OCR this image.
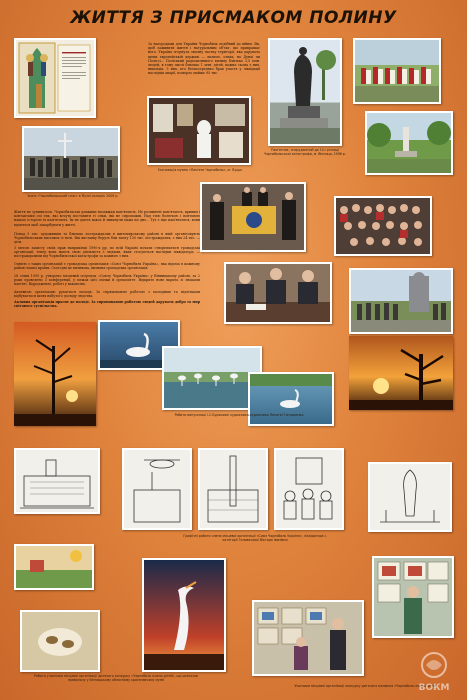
ЖИТТЯ З ПРИСМАКОМ ПОЛИНУ
Ікона «Чорнобильський спас» в Музеї-ньюсрік 2006 р.
Експозиція музею «Пам'яти Чорнобиль», м. Луцьк

За нагородами для України Чорнобиль подібний до війни. Як, щоб заживити життя і натуральним об'єкт, що прикрашає його. Україна згорнула значну частку території, яка дарувала щепи європейській державі — назвою, ознак, на Дунаї чи Поліссі... Поліський радіоактивного впливу близько 3,5 млн. людей, в тому числі близько 1 млн. дітей, кожна сьома з них, інвалідів. З них, хто безпосередньо брав участь у ліквідації наслідків аварії, померло майже 95 тис.

Пам'ятник, споруджений до 10-ї річниці Чорнобильської катастрофи, м. Вінниця, 1996 р.

Життя не зупинилось. Чорнобильські довжини назавжди пам'ятають. Не розпинені пам'ятають, кривим і контактами очі тих, які хочуть поставити ті очки, які не спроможні. Над тією болючою і понтовою нашою історією їх пам'ятають. Їм не дають вакса й зникнули мама на дно... Тут є іще пам'ятатися, вони вдаються щоб закарбувати у житті.

Понад 5 тис. художників та близько постраждалих в житомирському районі в якій організовують Чорнобильських виставок із ночі. Які виставку беруть бли змогу 130 тис. постраждалих, з них 24 тис. — діти.

З метою захисту своїх прав наприкінці 1990-х рр. по всій Україні почали створюватися громадські організації, тепер вона мають свою діяльність з людьми, яких стосуються наслідки ліквідатора, — постраждалими від Чорнобильської катастрофи за кожною з них.

Однією з таких організацій є громадська організація «Союз Чорнобиль Україна», яка відома в кожному районі нашої країни. Сьогодні це впливова, визнана громадська організація.

28 січня 1995 р. утворено місцевий осередок «Союзу Чорнобиль Україна» у Вінницькому районі, за 2 роки проведено 3 конференції, у межах цієї спілки й оргкомітет. Відкрито нове вкрита зі знаками пам'яті. Відродженні, роботі у вакансіях.

Активною організацію рухається молодь. За спрямованою роботою з молодими та підлітками відбувається шлях набутого досвіду людства.

Активна організація прагне до молоді. За спрямованою роботою людей дарувати добро та мир світового суспільства.

Роботи випускниці І.С.Бурякової художника-художника Пелагеї Гончаренко
Графічні роботи члена місцевої організації «Союз Чорнобиль Україна», ліквідатора І-категорії Головачової Віктори Іванівни
Роботи учасників місцевої організації дитячого конкурсу «Чорнобиль очима дітей», що розпочав правильну у Вінницькому обласному краєзнавчому музеї
Учасники місцевої організації конкурсу дитячого малюнка «Чорнобиль очима дітей»
ВОКМ
